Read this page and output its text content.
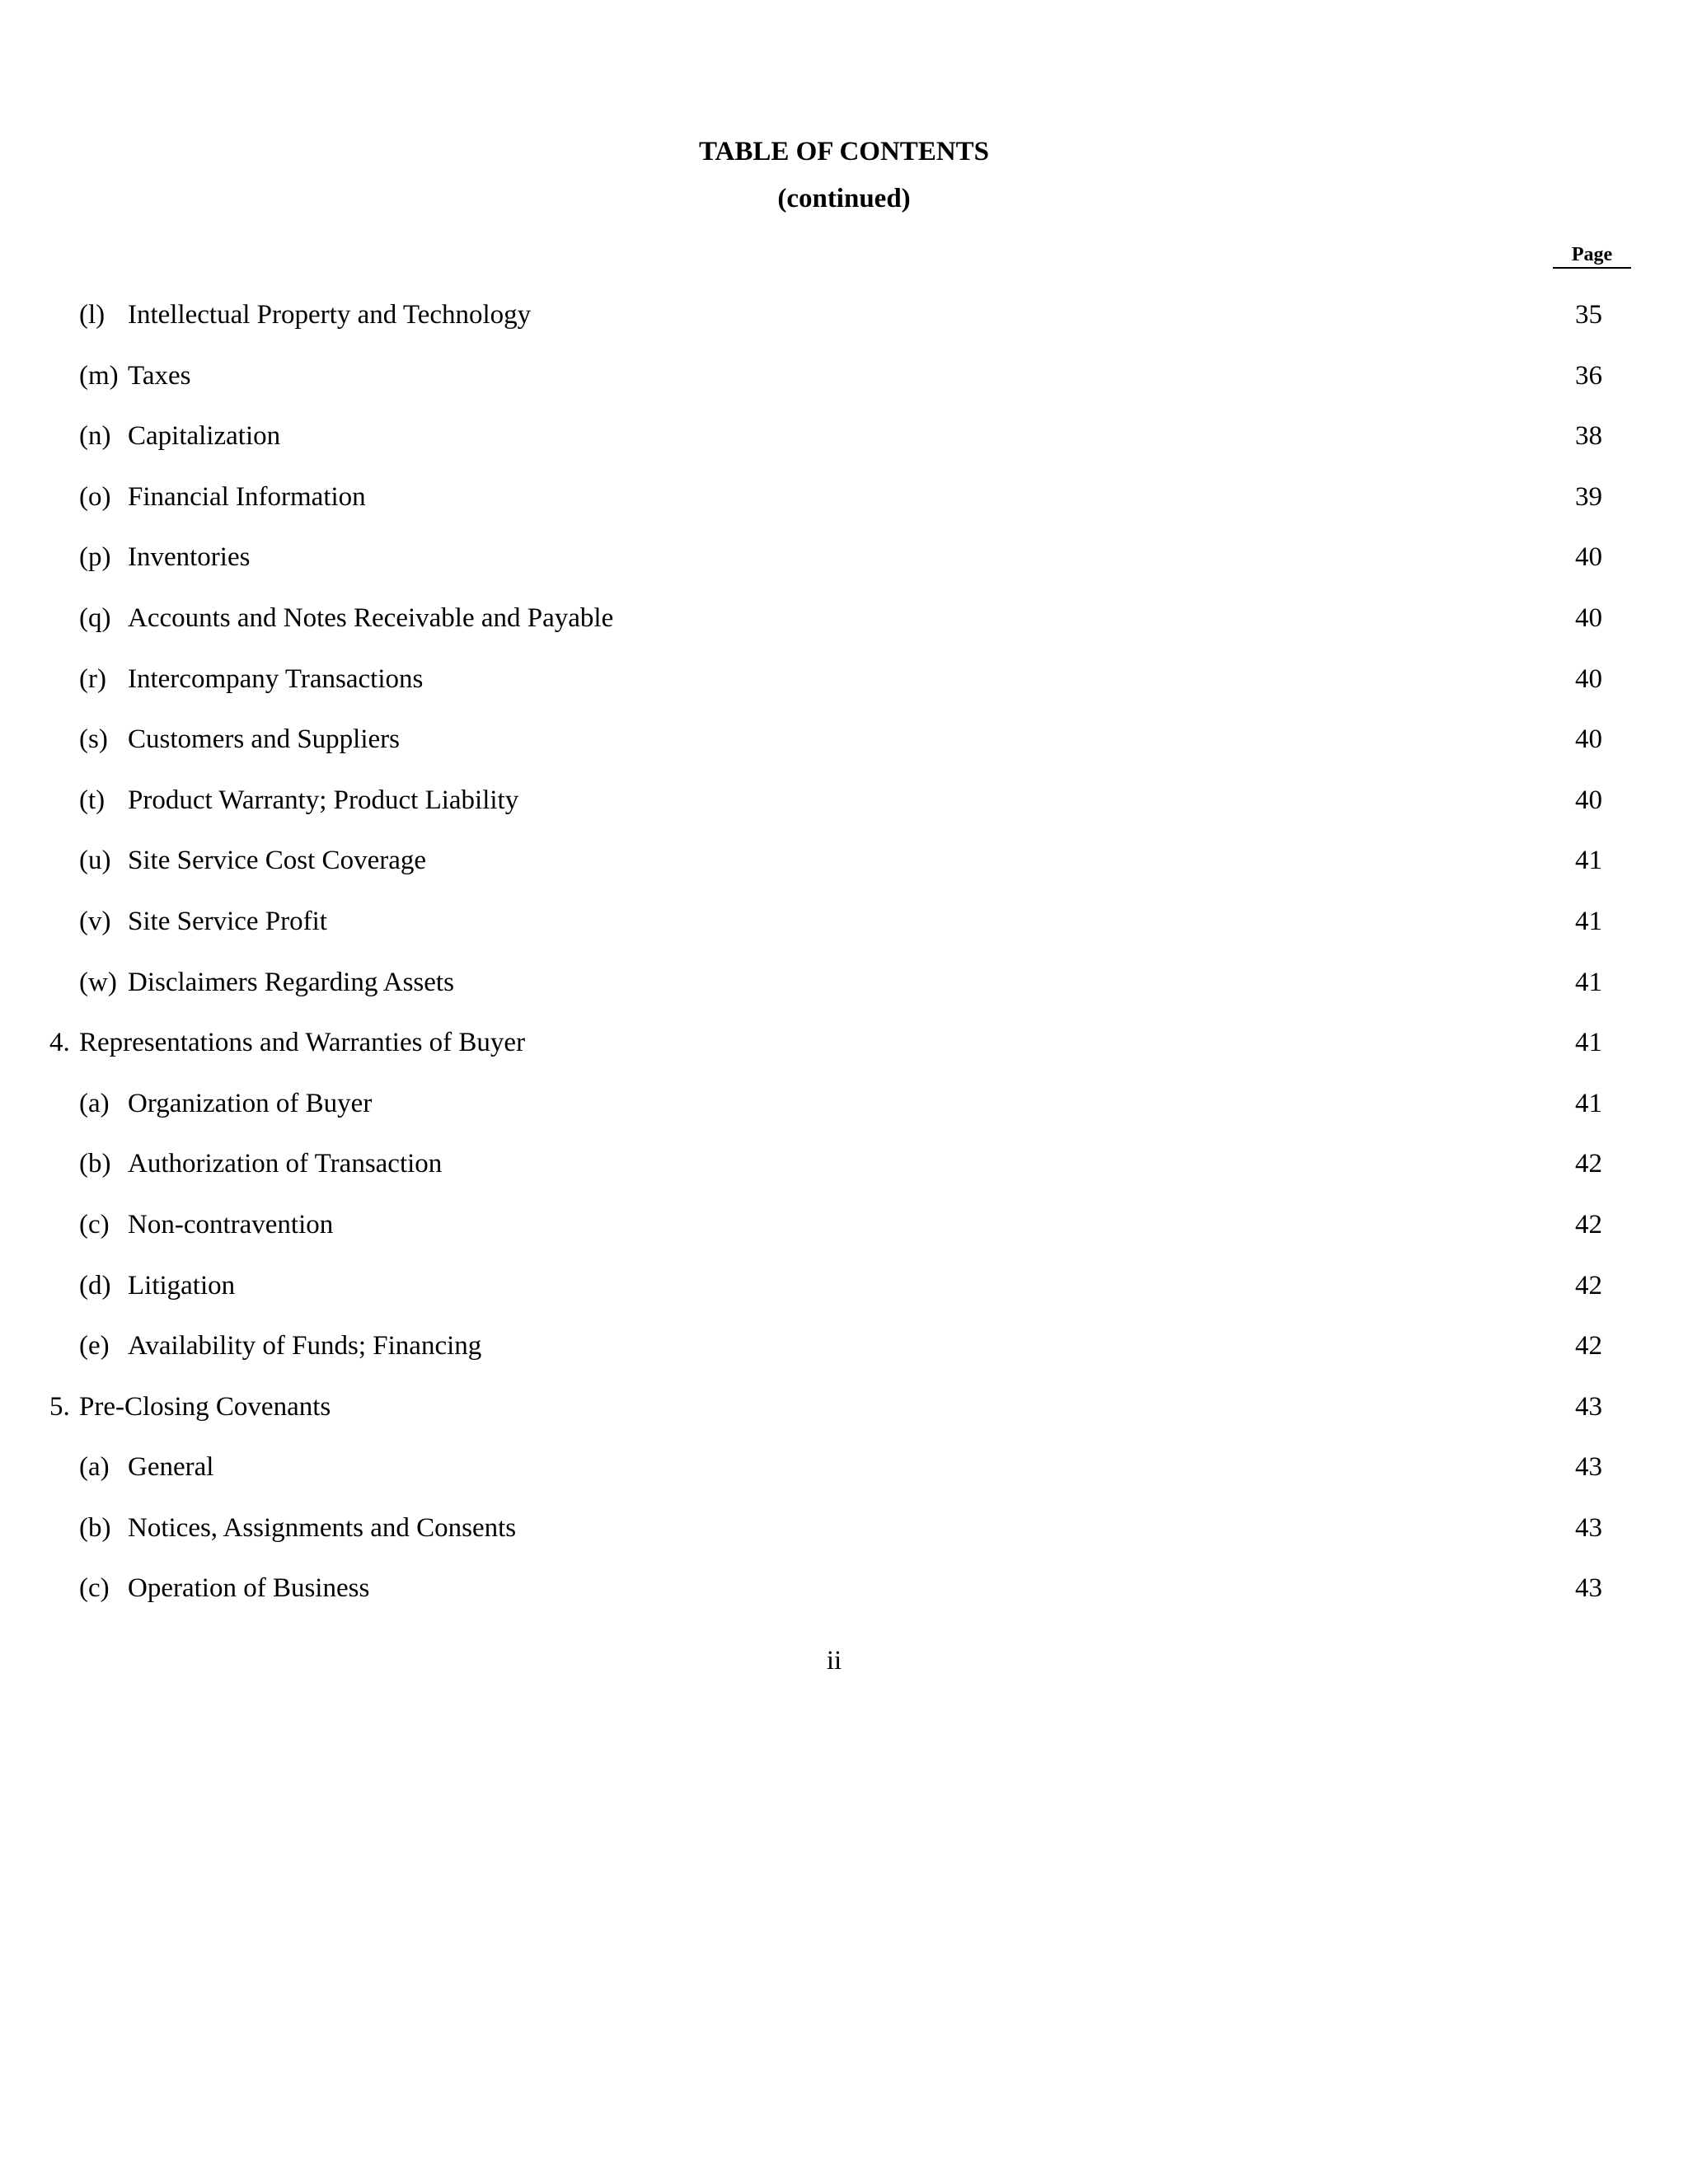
TABLE OF CONTENTS
(continued)
Page
(l) Intellectual Property and Technology	35
(m) Taxes	36
(n) Capitalization	38
(o) Financial Information	39
(p) Inventories	40
(q) Accounts and Notes Receivable and Payable	40
(r) Intercompany Transactions	40
(s) Customers and Suppliers	40
(t) Product Warranty; Product Liability	40
(u) Site Service Cost Coverage	41
(v) Site Service Profit	41
(w) Disclaimers Regarding Assets	41
4. Representations and Warranties of Buyer	41
(a) Organization of Buyer	41
(b) Authorization of Transaction	42
(c) Non-contravention	42
(d) Litigation	42
(e) Availability of Funds; Financing	42
5. Pre-Closing Covenants	43
(a) General	43
(b) Notices, Assignments and Consents	43
(c) Operation of Business	43
ii
